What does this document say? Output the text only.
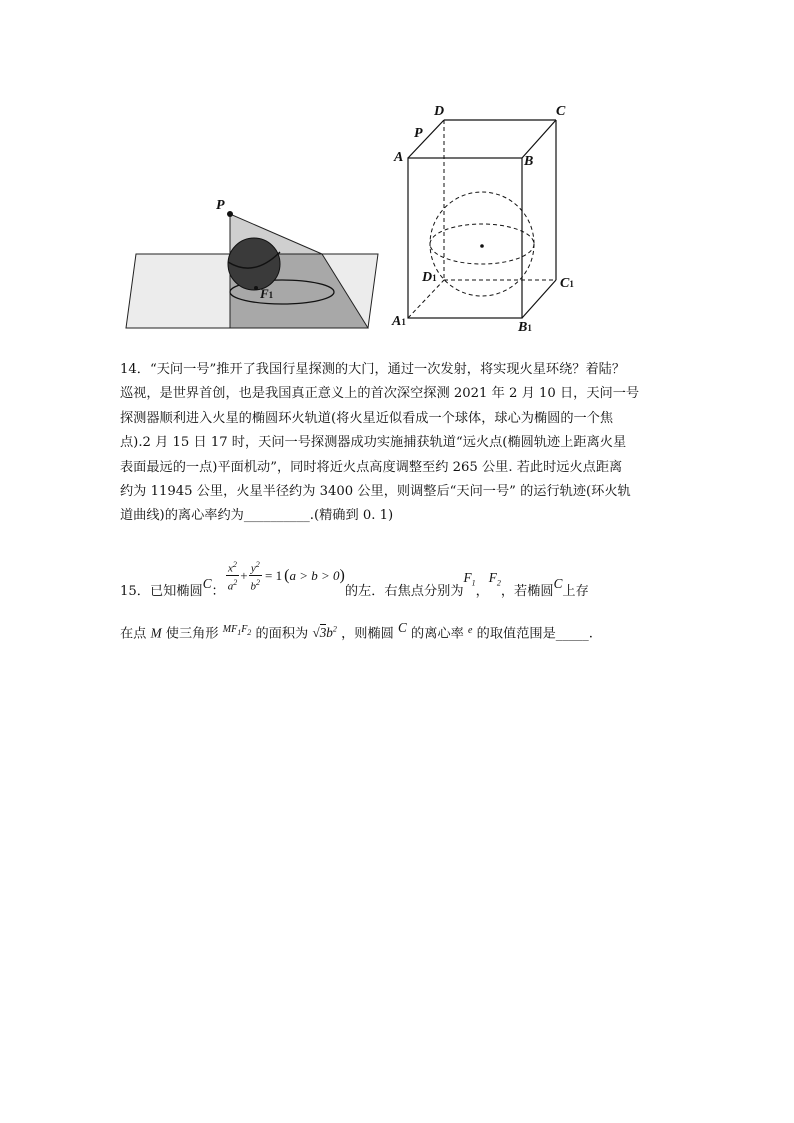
P
F1
D	C
P
A	B
D1	C1
A1	B1

14．“天问一号”推开了我国行星探测的大门，通过一次发射，将实现火星环绕？着陆？

巡视，是世界首创，也是我国真正意义上的首次深空探测 2021 年 2 月 10 日，天问一号

探测器顺利进入火星的椭圆环火轨道(将火星近似看成一个球体，球心为椭圆的一个焦

点).2 月 15 日 17 时，天问一号探测器成功实施捕获轨道“远火点(椭圆轨迹上距离火星

表面最远的一点)平面机动”，同时将近火点高度调整至约 265 公里. 若此时远火点距离

约为 11945 公里，火星半径约为 3400 公里，则调整后“天问一号” 的运行轨迹(环火轨

道曲线)的离心率约为__________.(精确到 0. 1)

15．已知椭圆
C
： $\frac{x^2}{a^2} + \frac{y^2}{b^2} = 1$ ( a > b > 0 )
的左．右焦点分别为
$F_1$
，
$F_2$
，若椭圆
C
上存

在点 M 使三角形 $^{MF_1F_2}$ 的面积为 $√3b^2$ ，则椭圆 C 的离心率 $^e$ 的取值范围是_____.
